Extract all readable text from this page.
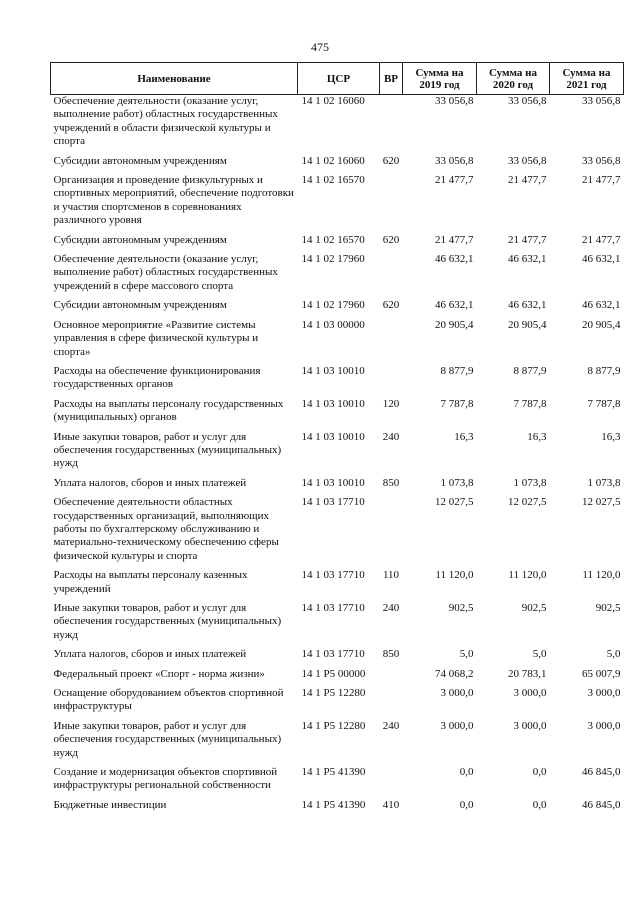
475
Наименование	ЦСР	ВР	Сумма на 2019 год	Сумма на 2020 год	Сумма на 2021 год
Обеспечение деятельности (оказание услуг, выполнение работ) областных государственных учреждений в области физической культуры и спорта	14 1 02 16060		33 056,8	33 056,8	33 056,8
Субсидии автономным учреждениям	14 1 02 16060	620	33 056,8	33 056,8	33 056,8
Организация и проведение физкультурных и спортивных мероприятий, обеспечение подготовки и участия спортсменов в соревнованиях различного уровня	14 1 02 16570		21 477,7	21 477,7	21 477,7
Субсидии автономным учреждениям	14 1 02 16570	620	21 477,7	21 477,7	21 477,7
Обеспечение деятельности (оказание услуг, выполнение работ) областных государственных учреждений в сфере массового спорта	14 1 02 17960		46 632,1	46 632,1	46 632,1
Субсидии автономным учреждениям	14 1 02 17960	620	46 632,1	46 632,1	46 632,1
Основное мероприятие «Развитие системы управления в сфере физической культуры и спорта»	14 1 03 00000		20 905,4	20 905,4	20 905,4
Расходы на обеспечение функционирования государственных органов	14 1 03 10010		8 877,9	8 877,9	8 877,9
Расходы на выплаты персоналу государственных (муниципальных) органов	14 1 03 10010	120	7 787,8	7 787,8	7 787,8
Иные закупки товаров, работ и услуг для обеспечения государственных (муниципальных) нужд	14 1 03 10010	240	16,3	16,3	16,3
Уплата налогов, сборов и иных платежей	14 1 03 10010	850	1 073,8	1 073,8	1 073,8
Обеспечение деятельности областных государственных организаций, выполняющих работы по бухгалтерскому обслуживанию и материально-техническому обеспечению сферы физической культуры и спорта	14 1 03 17710		12 027,5	12 027,5	12 027,5
Расходы на выплаты персоналу казенных учреждений	14 1 03 17710	110	11 120,0	11 120,0	11 120,0
Иные закупки товаров, работ и услуг для обеспечения государственных (муниципальных) нужд	14 1 03 17710	240	902,5	902,5	902,5
Уплата налогов, сборов и иных платежей	14 1 03 17710	850	5,0	5,0	5,0
Федеральный проект «Спорт - норма жизни»	14 1 P5 00000		74 068,2	20 783,1	65 007,9
Оснащение оборудованием объектов спортивной инфраструктуры	14 1 P5 12280		3 000,0	3 000,0	3 000,0
Иные закупки товаров, работ и услуг для обеспечения государственных (муниципальных) нужд	14 1 P5 12280	240	3 000,0	3 000,0	3 000,0
Создание и модернизация объектов спортивной инфраструктуры региональной собственности	14 1 P5 41390		0,0	0,0	46 845,0
Бюджетные инвестиции	14 1 P5 41390	410	0,0	0,0	46 845,0
